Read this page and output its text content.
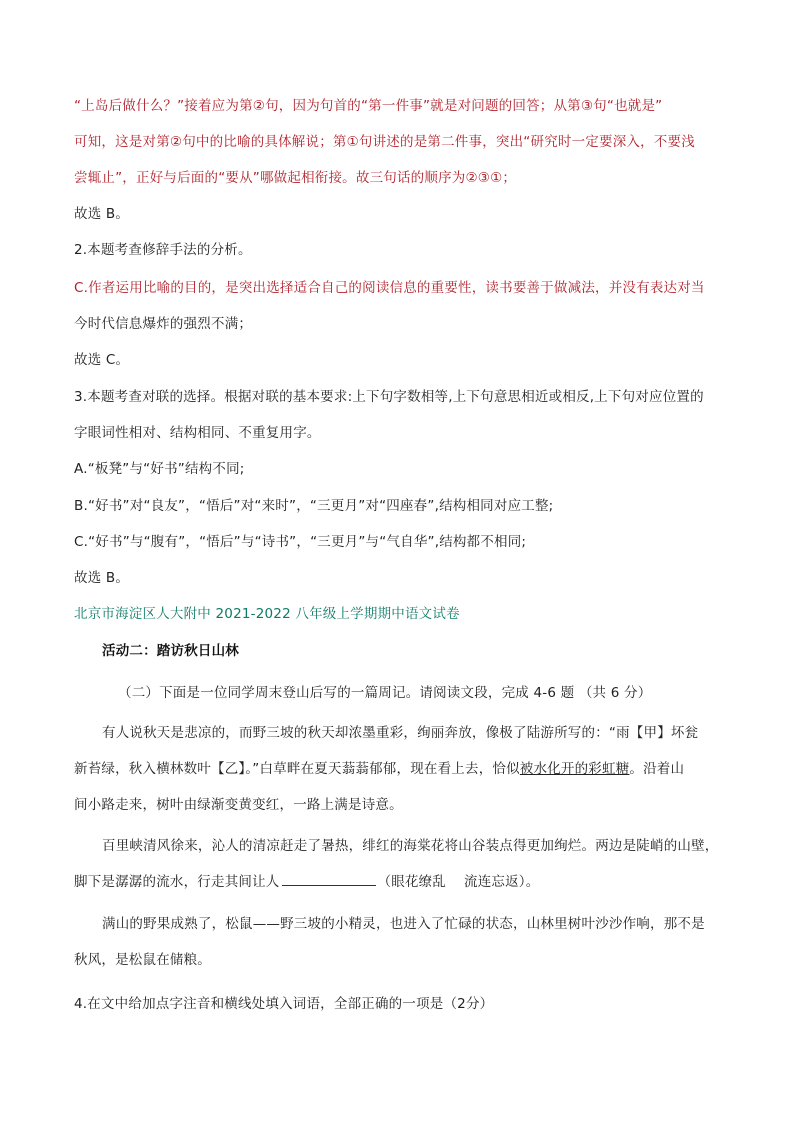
“上岛后做什么？”接着应为第②句，因为句首的“第一件事”就是对问题的回答；从第③句“也就是”
可知，这是对第②句中的比喻的具体解说；第①句讲述的是第二件事，突出“研究时一定要深入，不要浅
尝辄止”，正好与后面的“要从”哪做起相衔接。故三句话的顺序为②③①；
故选 B。
2.本题考查修辞手法的分析。
C.作者运用比喻的目的，是突出选择适合自己的阅读信息的重要性，读书要善于做减法，并没有表达对当
今时代信息爆炸的强烈不满；
故选 C。
3.本题考查对联的选择。根据对联的基本要求:上下句字数相等,上下句意思相近或相反,上下句对应位置的
字眼词性相对、结构相同、不重复用字。
A.“板凳”与“好书”结构不同;
B.“好书”对“良友”，“悟后”对“来时”，“三更月”对“四座春”,结构相同对应工整;
C.“好书”与“腹有”，“悟后”与“诗书”，“三更月”与“气自华”,结构都不相同;
故选 B。
北京市海淀区人大附中 2021-2022 八年级上学期期中语文试卷
活动二：踏访秋日山林
（二）下面是一位同学周末登山后写的一篇周记。请阅读文段，完成 4-6 题 （共 6 分）
有人说秋天是悲凉的，而野三坡的秋天却浓墨重彩，绚丽奔放，像极了陆游所写的：“雨【甲】坏瓮
新苔绿，秋入横林数叶【乙】。”白草畔在夏天蓊蓊郁郁，现在看上去，恰似被水化开的彩虹糖。沿着山
间小路走来，树叶由绿渐变黄变红，一路上满是诗意。
百里峡清风徐来，沁人的清凉赶走了暑热，绯红的海棠花将山谷装点得更加绚烂。两边是陡峭的山壁，
脚下是潺潺的流水，行走其间让人	（眼花缭乱 流连忘返）。
满山的野果成熟了，松鼠——野三坡的小精灵，也进入了忙碌的状态，山林里树叶沙沙作响，那不是
秋风，是松鼠在储粮。
4.在文中给加点字注音和横线处填入词语，全部正确的一项是（2分）
